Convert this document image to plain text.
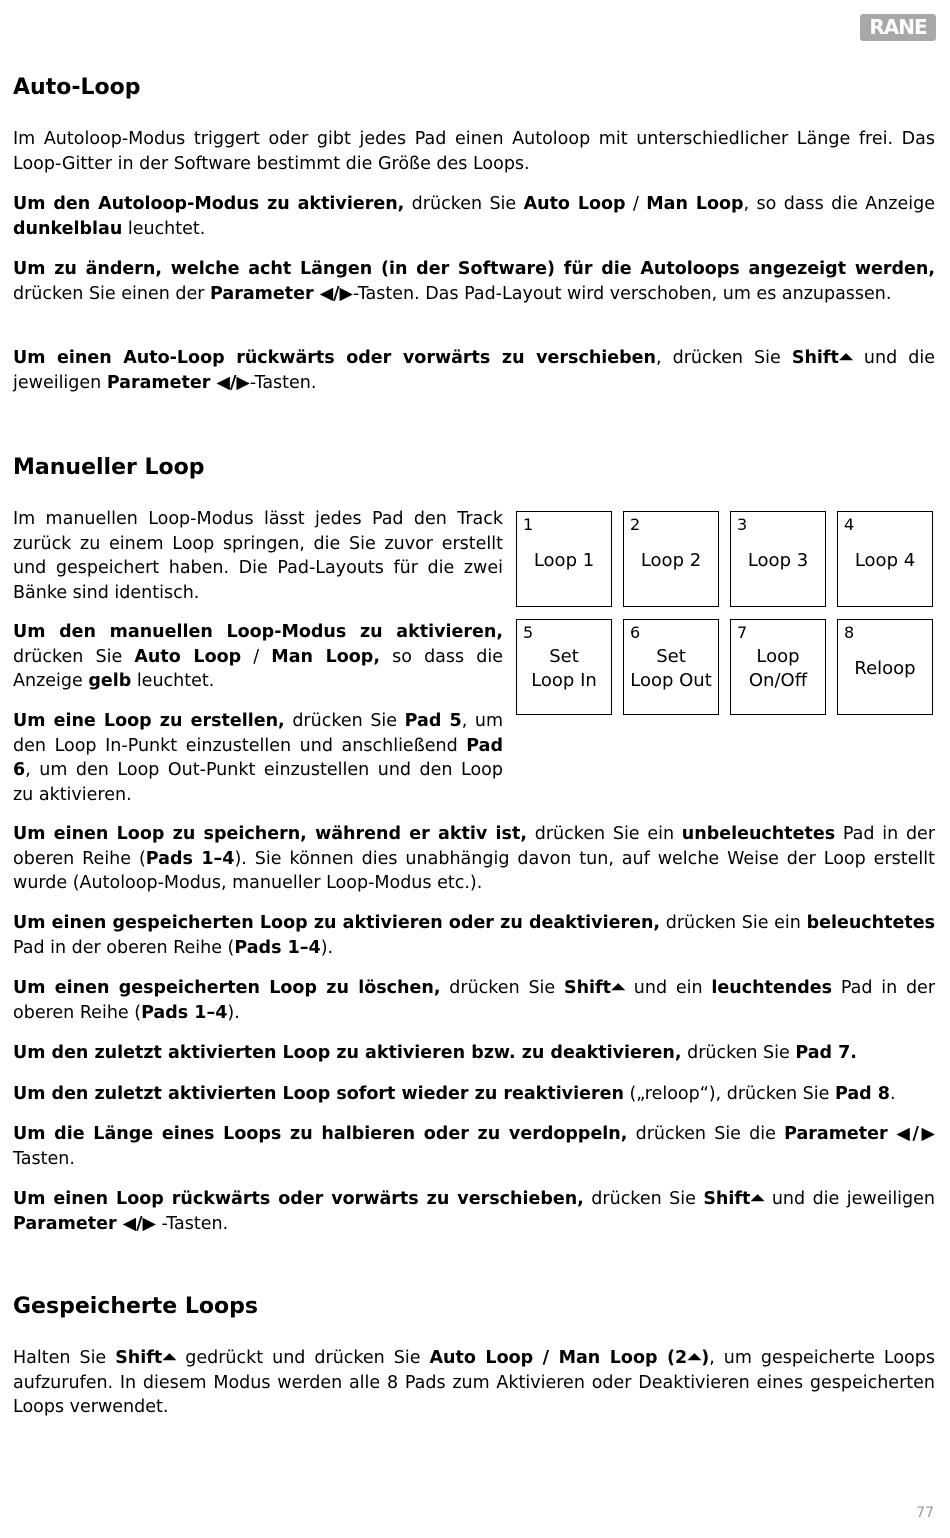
RANE
Auto-Loop

Im Autoloop-Modus triggert oder gibt jedes Pad einen Autoloop mit unterschiedlicher Länge frei. Das Loop-Gitter in der Software bestimmt die Größe des Loops.

Um den Autoloop-Modus zu aktivieren, drücken Sie Auto Loop / Man Loop, so dass die Anzeige dunkelblau leuchtet.

Um zu ändern, welche acht Längen (in der Software) für die Autoloops angezeigt werden, drücken Sie einen der Parameter ◀/▶-Tasten. Das Pad-Layout wird verschoben, um es anzupassen.

Um einen Auto-Loop rückwärts oder vorwärts zu verschieben, drücken Sie Shift⏶ und die jeweiligen Parameter ◀/▶-Tasten.

Manueller Loop

Im manuellen Loop-Modus lässt jedes Pad den Track zurück zu einem Loop springen, die Sie zuvor erstellt und gespeichert haben. Die Pad-Layouts für die zwei Bänke sind identisch.

Um den manuellen Loop-Modus zu aktivieren, drücken Sie Auto Loop / Man Loop, so dass die Anzeige gelb leuchtet.

Um eine Loop zu erstellen, drücken Sie Pad 5, um den Loop In-Punkt einzustellen und anschließend Pad 6, um den Loop Out-Punkt einzustellen und den Loop zu aktivieren.

1
Loop 1
2
Loop 2
3
Loop 3
4
Loop 4
5
Set
Loop In
6
Set
Loop Out
7
Loop
On/Off
8
Reloop

Um einen Loop zu speichern, während er aktiv ist, drücken Sie ein unbeleuchtetes Pad in der oberen Reihe (Pads 1–4). Sie können dies unabhängig davon tun, auf welche Weise der Loop erstellt wurde (Autoloop-Modus, manueller Loop-Modus etc.).

Um einen gespeicherten Loop zu aktivieren oder zu deaktivieren, drücken Sie ein beleuchtetes Pad in der oberen Reihe (Pads 1–4).

Um einen gespeicherten Loop zu löschen, drücken Sie Shift⏶ und ein leuchtendes Pad in der oberen Reihe (Pads 1–4).

Um den zuletzt aktivierten Loop zu aktivieren bzw. zu deaktivieren, drücken Sie Pad 7.

Um den zuletzt aktivierten Loop sofort wieder zu reaktivieren („reloop“), drücken Sie Pad 8.

Um die Länge eines Loops zu halbieren oder zu verdoppeln, drücken Sie die Parameter ◀/▶ Tasten.

Um einen Loop rückwärts oder vorwärts zu verschieben, drücken Sie Shift⏶ und die jeweiligen Parameter ◀/▶ -Tasten.

Gespeicherte Loops

Halten Sie Shift⏶ gedrückt und drücken Sie Auto Loop / Man Loop (2⏶), um gespeicherte Loops aufzurufen. In diesem Modus werden alle 8 Pads zum Aktivieren oder Deaktivieren eines gespeicherten Loops verwendet.

77
